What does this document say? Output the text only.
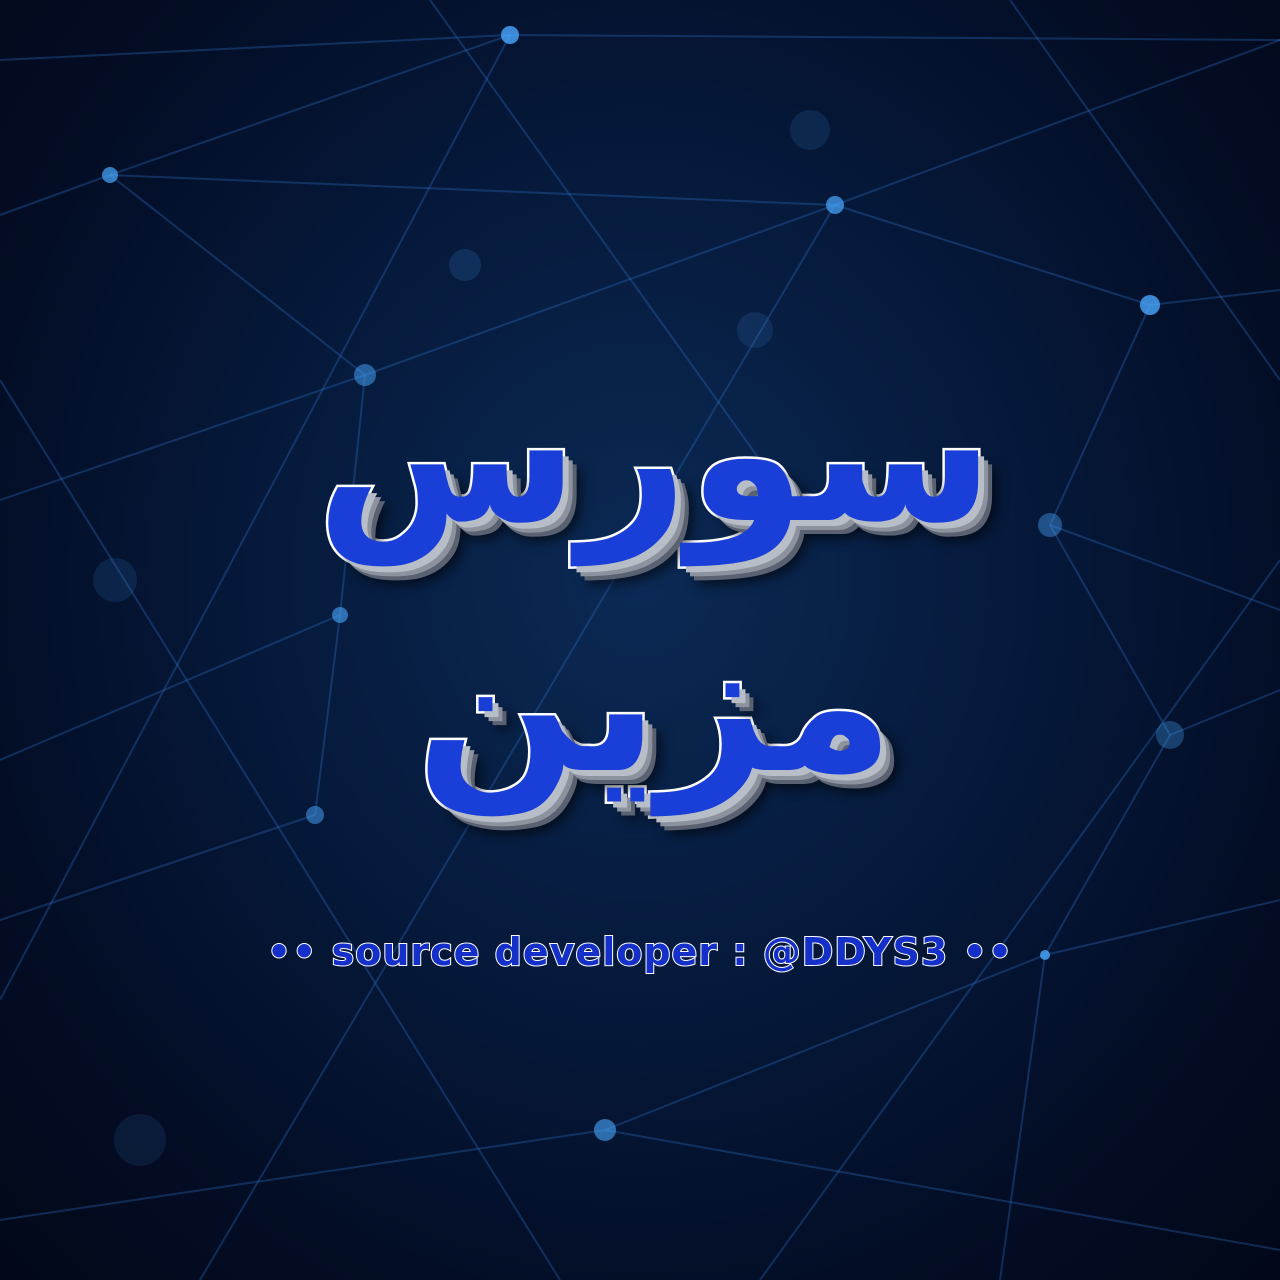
سورس
مزين
•• source developer : @DDYS3 ••
